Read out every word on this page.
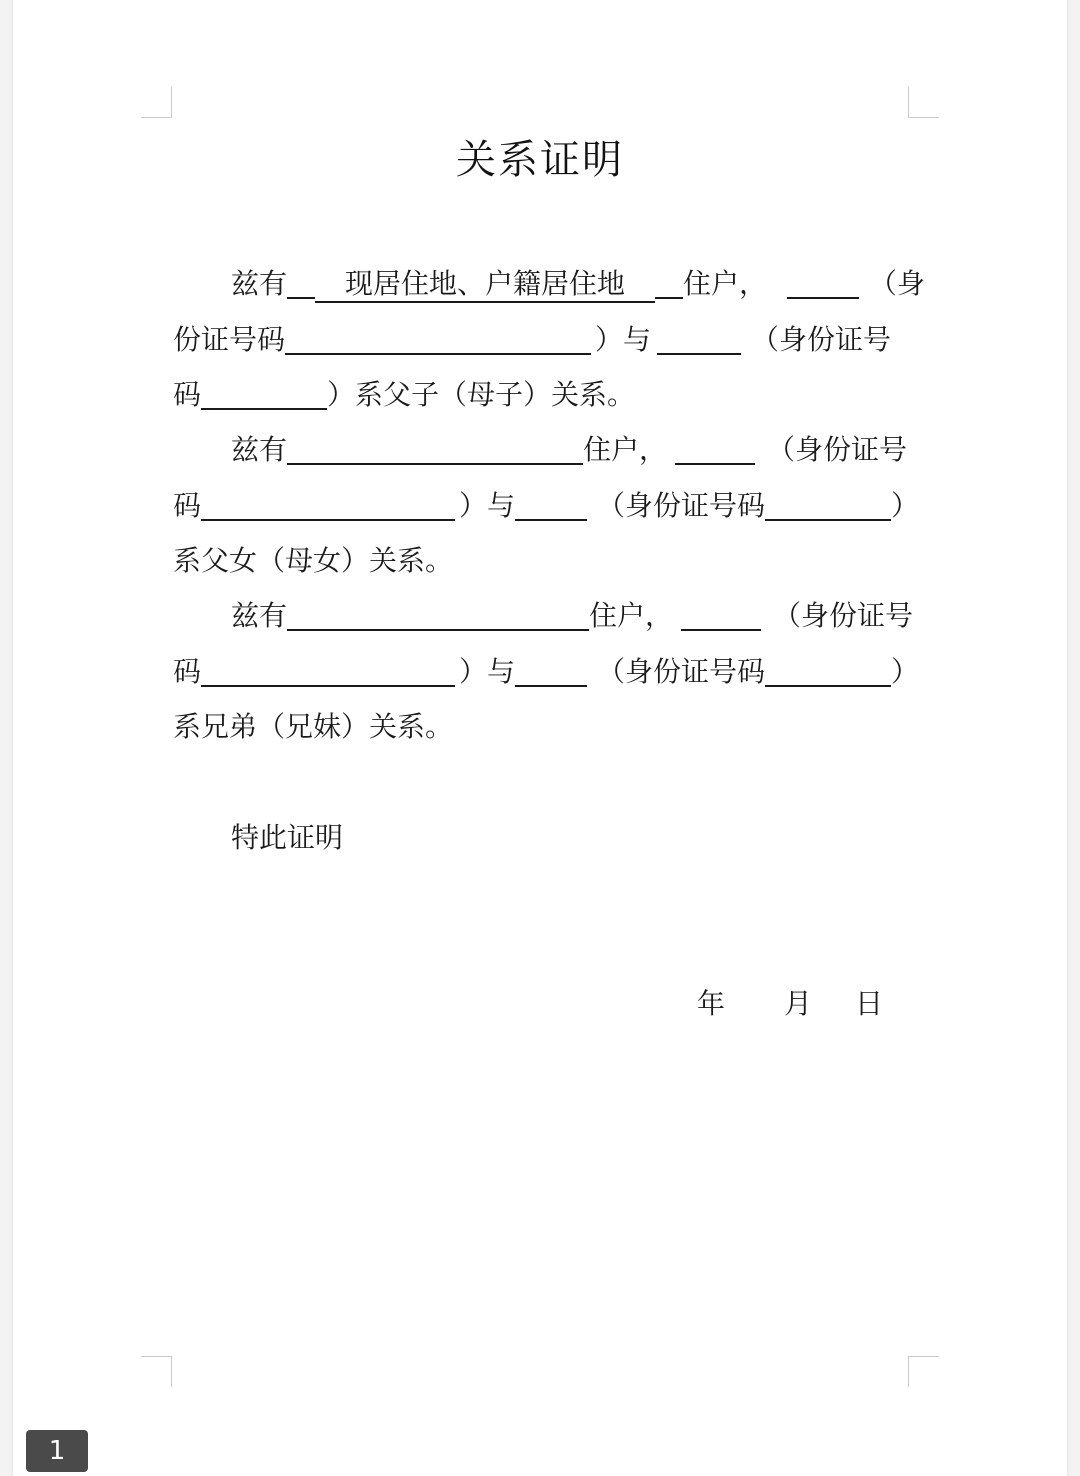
关系证明
兹有 现居住地、户籍居住地 住户，	（身
份证号码	）与	（身份证号
码	）系父子（母子）关系。
兹有	住户，	（身份证号
码	）与	（身份证号码	）
系父女（母女）关系。
兹有	住户，	（身份证号
码	）与	（身份证号码	）
系兄弟（兄妹）关系。
特此证明
年 月 日
1
